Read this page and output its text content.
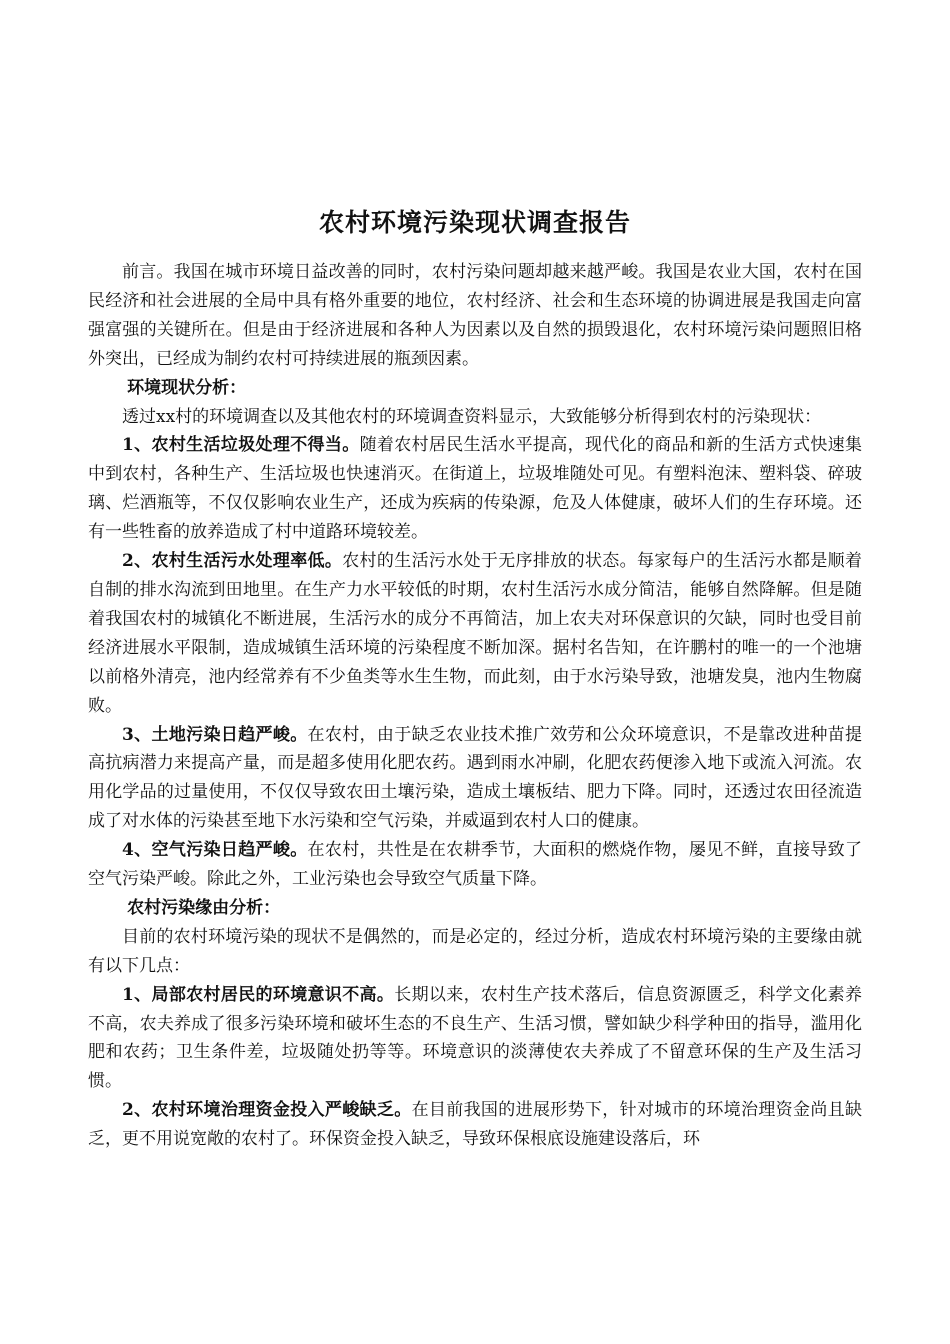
农村环境污染现状调查报告

前言。我国在城市环境日益改善的同时，农村污染问题却越来越严峻。我国是农业大国，农村在国民经济和社会进展的全局中具有格外重要的地位，农村经济、社会和生态环境的协调进展是我国走向富强富强的关键所在。但是由于经济进展和各种人为因素以及自然的损毁退化，农村环境污染问题照旧格外突出，已经成为制约农村可持续进展的瓶颈因素。

环境现状分析：

透过xx村的环境调查以及其他农村的环境调查资料显示，大致能够分析得到农村的污染现状：

1、农村生活垃圾处理不得当。随着农村居民生活水平提高，现代化的商品和新的生活方式快速集中到农村，各种生产、生活垃圾也快速消灭。在街道上，垃圾堆随处可见。有塑料泡沫、塑料袋、碎玻璃、烂酒瓶等，不仅仅影响农业生产，还成为疾病的传染源，危及人体健康，破坏人们的生存环境。还有一些牲畜的放养造成了村中道路环境较差。

2、农村生活污水处理率低。农村的生活污水处于无序排放的状态。每家每户的生活污水都是顺着自制的排水沟流到田地里。在生产力水平较低的时期，农村生活污水成分简洁，能够自然降解。但是随着我国农村的城镇化不断进展，生活污水的成分不再简洁，加上农夫对环保意识的欠缺，同时也受目前经济进展水平限制，造成城镇生活环境的污染程度不断加深。据村名告知，在许鹏村的唯一的一个池塘以前格外清亮，池内经常养有不少鱼类等水生生物，而此刻，由于水污染导致，池塘发臭，池内生物腐败。

3、土地污染日趋严峻。在农村，由于缺乏农业技术推广效劳和公众环境意识，不是靠改进种苗提高抗病潜力来提高产量，而是超多使用化肥农药。遇到雨水冲刷，化肥农药便渗入地下或流入河流。农用化学品的过量使用，不仅仅导致农田土壤污染，造成土壤板结、肥力下降。同时，还透过农田径流造成了对水体的污染甚至地下水污染和空气污染，并威逼到农村人口的健康。

4、空气污染日趋严峻。在农村，共性是在农耕季节，大面积的燃烧作物，屡见不鲜，直接导致了空气污染严峻。除此之外，工业污染也会导致空气质量下降。

农村污染缘由分析：

目前的农村环境污染的现状不是偶然的，而是必定的，经过分析，造成农村环境污染的主要缘由就有以下几点：

1、局部农村居民的环境意识不高。长期以来，农村生产技术落后，信息资源匮乏，科学文化素养不高，农夫养成了很多污染环境和破坏生态的不良生产、生活习惯，譬如缺少科学种田的指导，滥用化肥和农药；卫生条件差，垃圾随处扔等等。环境意识的淡薄使农夫养成了不留意环保的生产及生活习惯。

2、农村环境治理资金投入严峻缺乏。在目前我国的进展形势下，针对城市的环境治理资金尚且缺乏，更不用说宽敞的农村了。环保资金投入缺乏，导致环保根底设施建设落后，环
